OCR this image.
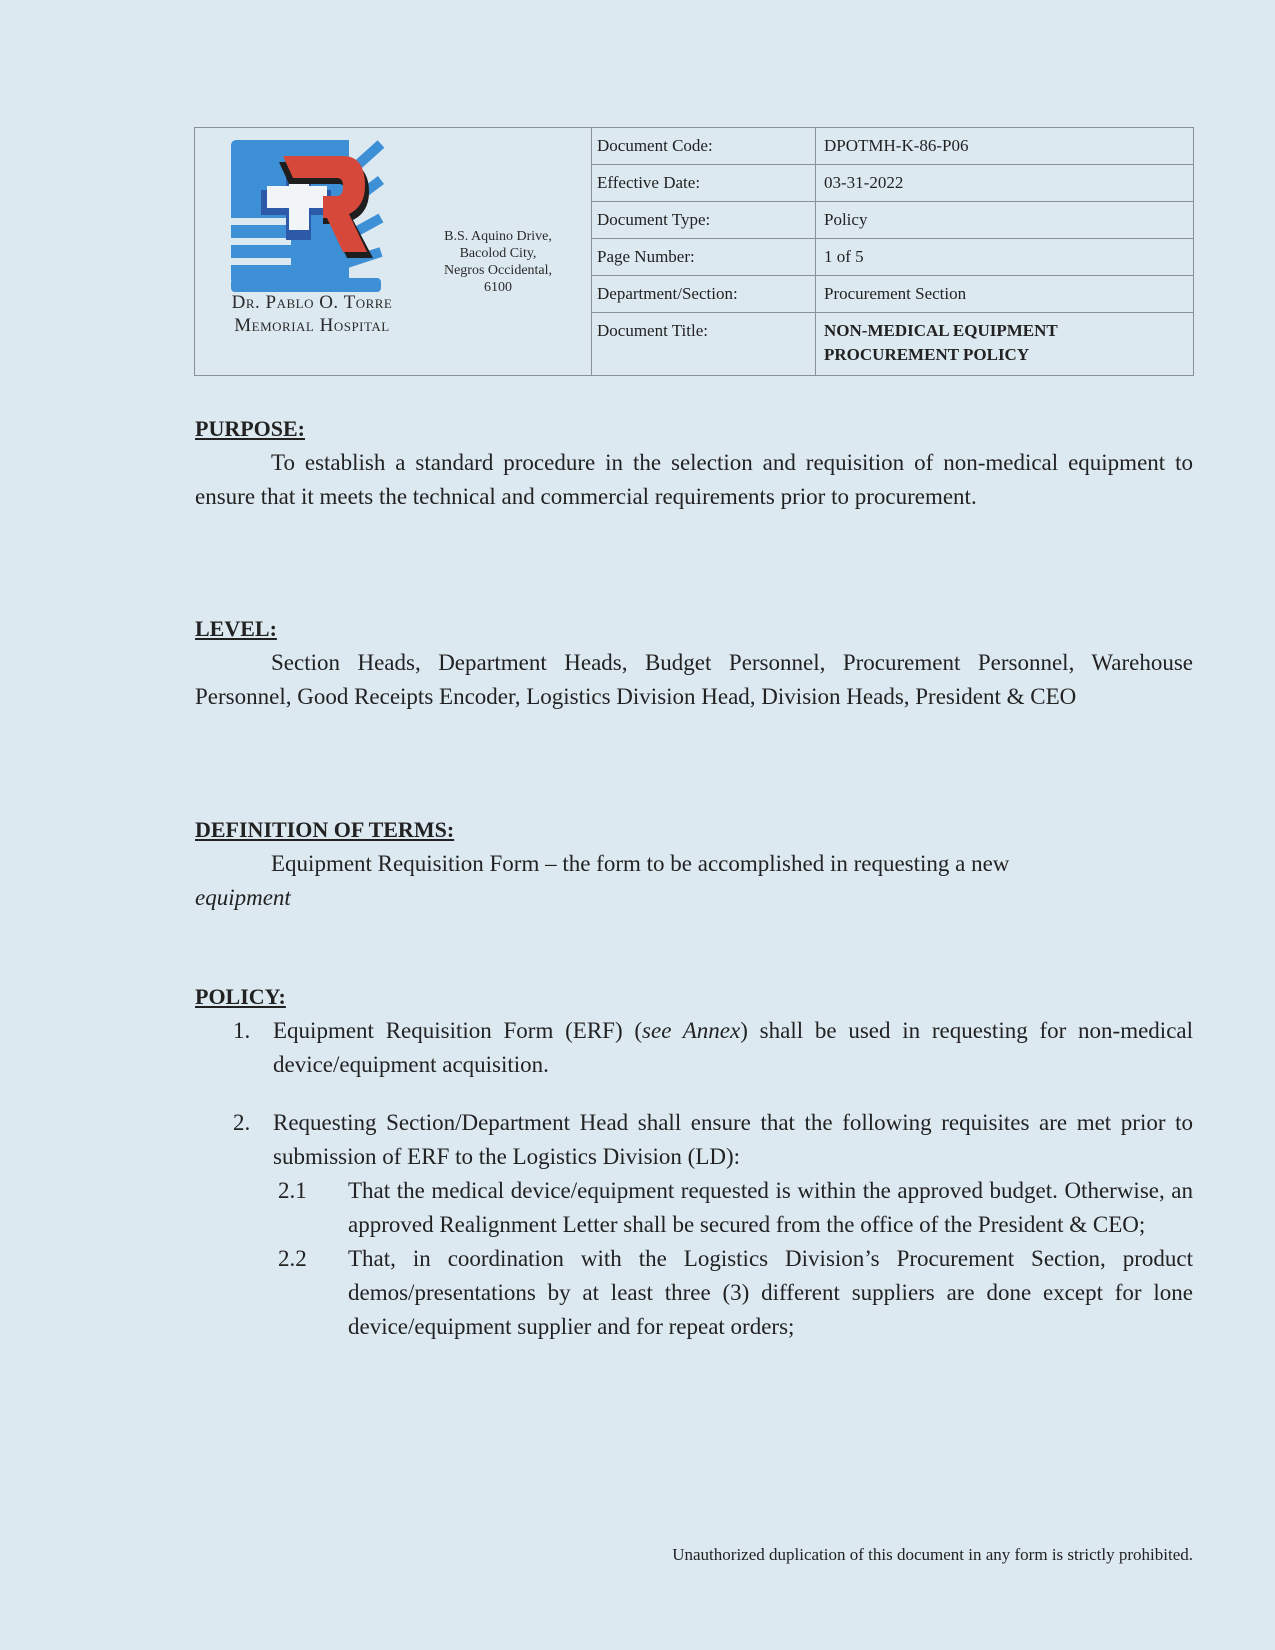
Dr. Pablo O. Torre
Memorial Hospital
B.S. Aquino Drive,
Bacolod City,
Negros Occidental,
6100
Document Code:	DPOTMH-K-86-P06
Effective Date:	03-31-2022
Document Type:	Policy
Page Number:	1 of 5
Department/Section:	Procurement Section
Document Title:	NON-MEDICAL EQUIPMENT
PROCUREMENT POLICY
PURPOSE:
To establish a standard procedure in the selection and requisition of non-medical equipment to ensure that it meets the technical and commercial requirements prior to procurement.
LEVEL:
Section Heads, Department Heads, Budget Personnel, Procurement Personnel, Warehouse Personnel, Good Receipts Encoder, Logistics Division Head, Division Heads, President & CEO
DEFINITION OF TERMS:
Equipment Requisition Form – the form to be accomplished in requesting a new
equipment
POLICY:
1. Equipment Requisition Form (ERF) (see Annex) shall be used in requesting for non-medical device/equipment acquisition.
2. Requesting Section/Department Head shall ensure that the following requisites are met prior to submission of ERF to the Logistics Division (LD):
2.1 That the medical device/equipment requested is within the approved budget. Otherwise, an approved Realignment Letter shall be secured from the office of the President & CEO;
2.2 That, in coordination with the Logistics Division’s Procurement Section, product demos/presentations by at least three (3) different suppliers are done except for lone device/equipment supplier and for repeat orders;
Unauthorized duplication of this document in any form is strictly prohibited.
